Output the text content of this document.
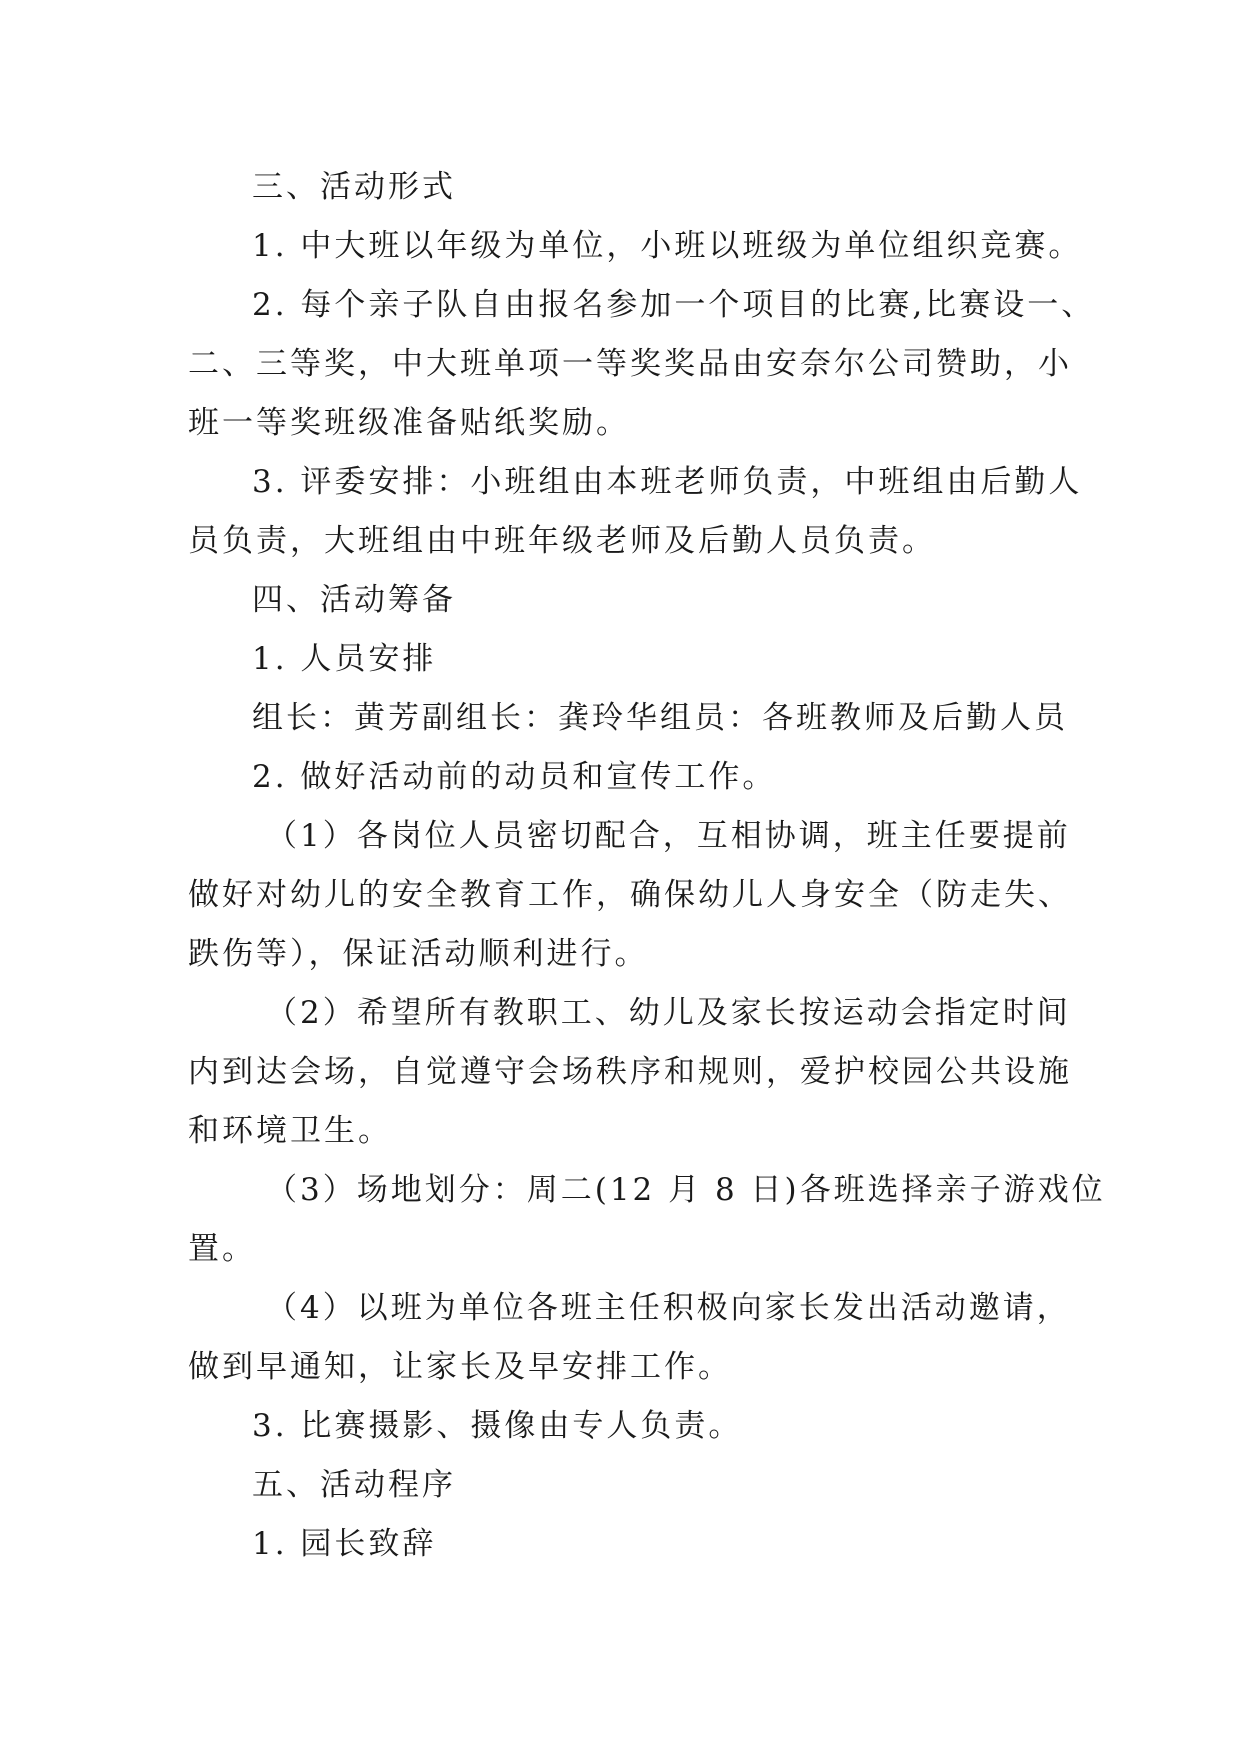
三、活动形式
1. 中大班以年级为单位，小班以班级为单位组织竞赛。
2. 每个亲子队自由报名参加一个项目的比赛,比赛设一、
二、三等奖，中大班单项一等奖奖品由安奈尔公司赞助，小
班一等奖班级准备贴纸奖励。
3. 评委安排：小班组由本班老师负责，中班组由后勤人
员负责，大班组由中班年级老师及后勤人员负责。
四、活动筹备
1. 人员安排
组长：黄芳副组长：龚玲华组员：各班教师及后勤人员
2. 做好活动前的动员和宣传工作。
（1）各岗位人员密切配合，互相协调，班主任要提前
做好对幼儿的安全教育工作，确保幼儿人身安全（防走失、
跌伤等），保证活动顺利进行。
（2）希望所有教职工、幼儿及家长按运动会指定时间
内到达会场，自觉遵守会场秩序和规则，爱护校园公共设施
和环境卫生。
（3）场地划分：周二(12 月 8 日)各班选择亲子游戏位
置。
（4）以班为单位各班主任积极向家长发出活动邀请，
做到早通知，让家长及早安排工作。
3. 比赛摄影、摄像由专人负责。
五、活动程序
1. 园长致辞
